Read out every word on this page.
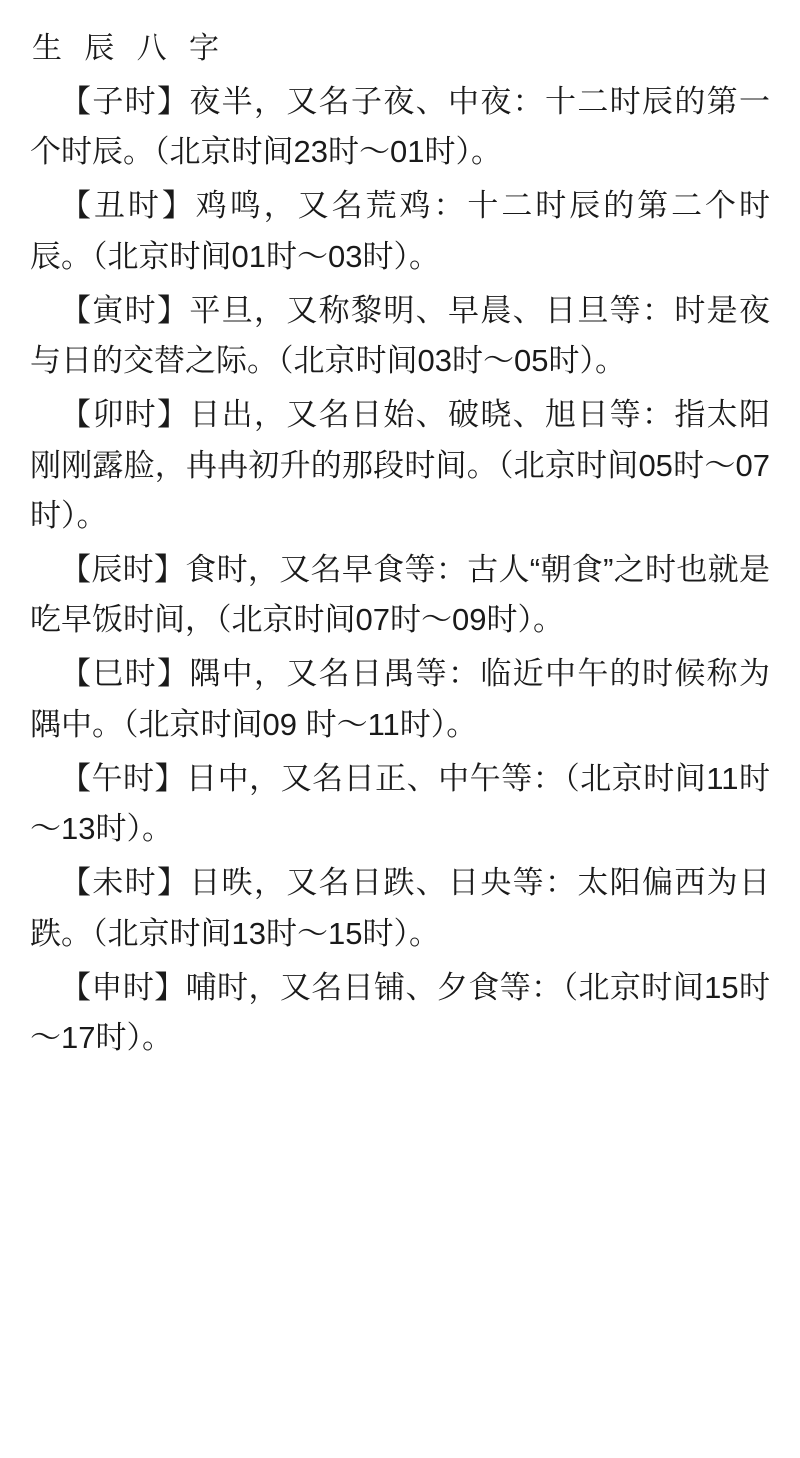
生 辰 八 字

【子时】夜半，又名子夜、中夜：十二时辰的第一个时辰。（北京时间23时～01时）。

【丑时】鸡鸣，又名荒鸡：十二时辰的第二个时辰。（北京时间01时～03时）。

【寅时】平旦，又称黎明、早晨、日旦等：时是夜与日的交替之际。（北京时间03时～05时）。

【卯时】日出，又名日始、破晓、旭日等：指太阳刚刚露脸，冉冉初升的那段时间。（北京时间05时～07时）。

【辰时】食时，又名早食等：古人“朝食”之时也就是吃早饭时间，（北京时间07时～09时）。

【巳时】隅中，又名日禺等：临近中午的时候称为隅中。（北京时间09 时～11时）。

【午时】日中，又名日正、中午等：（北京时间11时～13时）。

【未时】日昳，又名日跌、日央等：太阳偏西为日跌。（北京时间13时～15时）。

【申时】哺时，又名日铺、夕食等：（北京时间15时～17时）。
